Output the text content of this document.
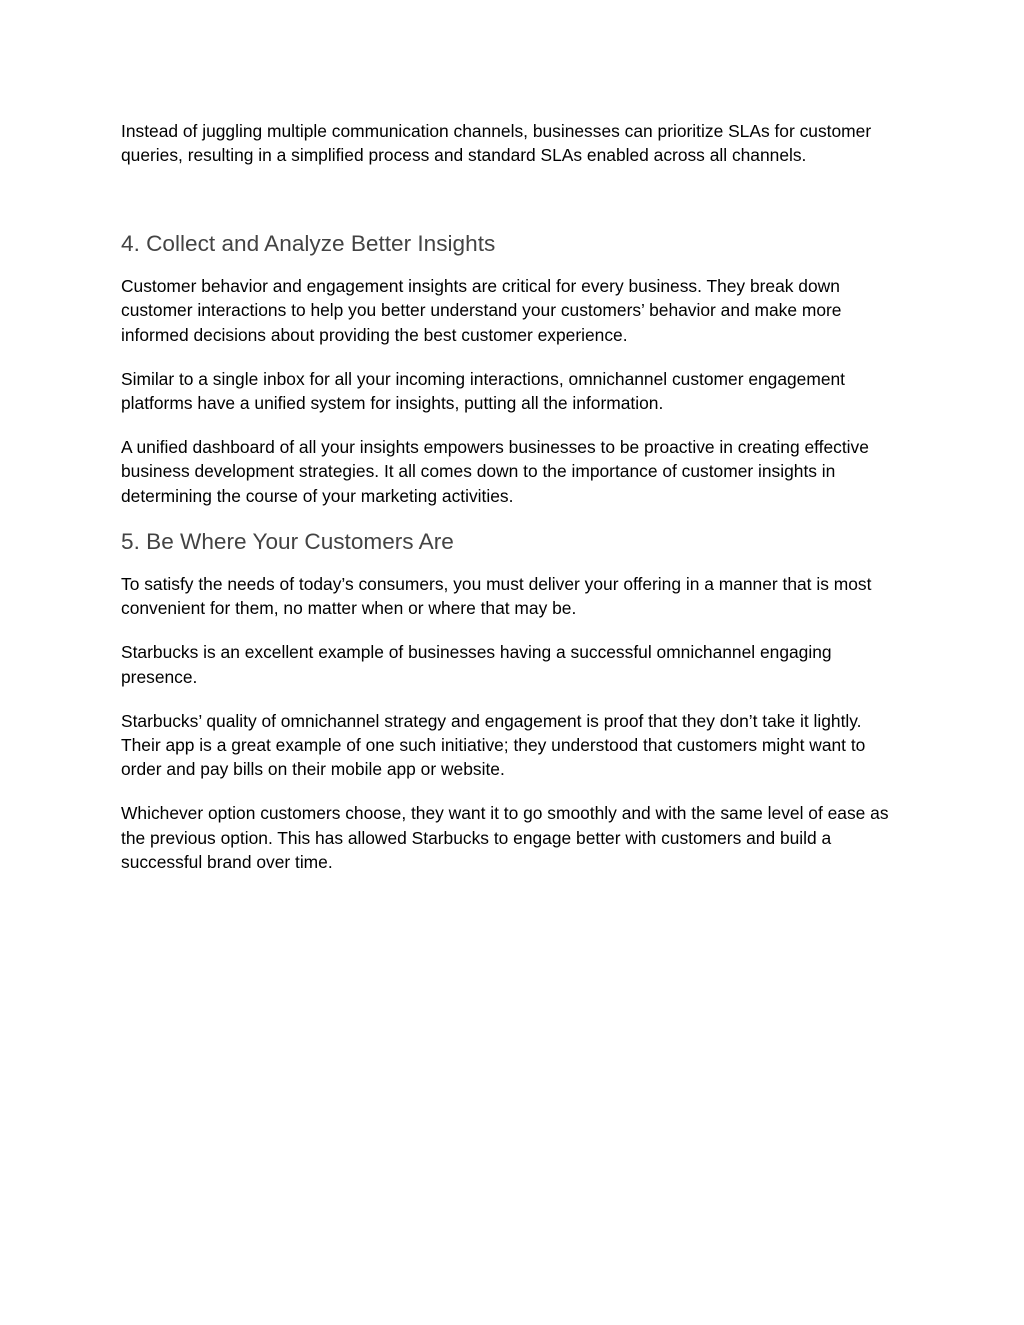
Instead of juggling multiple communication channels, businesses can prioritize SLAs for customer queries, resulting in a simplified process and standard SLAs enabled across all channels.

4. Collect and Analyze Better Insights

Customer behavior and engagement insights are critical for every business. They break down customer interactions to help you better understand your customers’ behavior and make more informed decisions about providing the best customer experience.

Similar to a single inbox for all your incoming interactions, omnichannel customer engagement platforms have a unified system for insights, putting all the information.

A unified dashboard of all your insights empowers businesses to be proactive in creating effective business development strategies. It all comes down to the importance of customer insights in determining the course of your marketing activities.

5. Be Where Your Customers Are

To satisfy the needs of today’s consumers, you must deliver your offering in a manner that is most convenient for them, no matter when or where that may be.

Starbucks is an excellent example of businesses having a successful omnichannel engaging presence.

Starbucks’ quality of omnichannel strategy and engagement is proof that they don’t take it lightly. Their app is a great example of one such initiative; they understood that customers might want to order and pay bills on their mobile app or website.

Whichever option customers choose, they want it to go smoothly and with the same level of ease as the previous option. This has allowed Starbucks to engage better with customers and build a successful brand over time.
